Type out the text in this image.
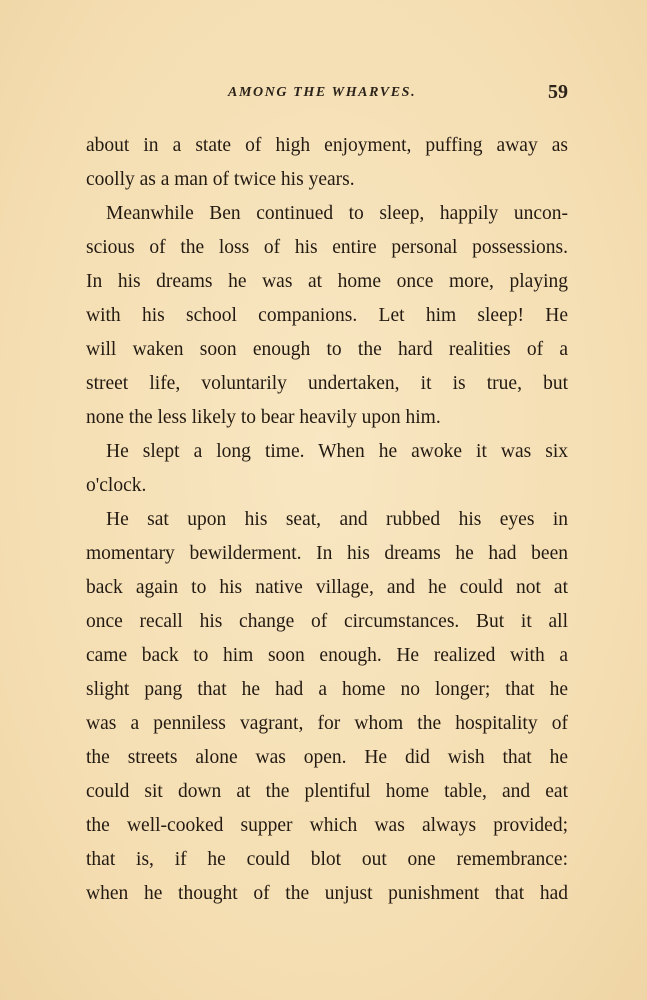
AMONG THE WHARVES.	59
about in a state of high enjoyment, puffing away as
coolly as a man of twice his years.
Meanwhile Ben continued to sleep, happily uncon-
scious of the loss of his entire personal possessions.
In his dreams he was at home once more, playing
with his school companions. Let him sleep! He
will waken soon enough to the hard realities of a
street life, voluntarily undertaken, it is true, but
none the less likely to bear heavily upon him.
He slept a long time. When he awoke it was six
o'clock.
He sat upon his seat, and rubbed his eyes in
momentary bewilderment. In his dreams he had been
back again to his native village, and he could not at
once recall his change of circumstances. But it all
came back to him soon enough. He realized with a
slight pang that he had a home no longer; that he
was a penniless vagrant, for whom the hospitality of
the streets alone was open. He did wish that he
could sit down at the plentiful home table, and eat
the well-cooked supper which was always provided;
that is, if he could blot out one remembrance:
when he thought of the unjust punishment that had
